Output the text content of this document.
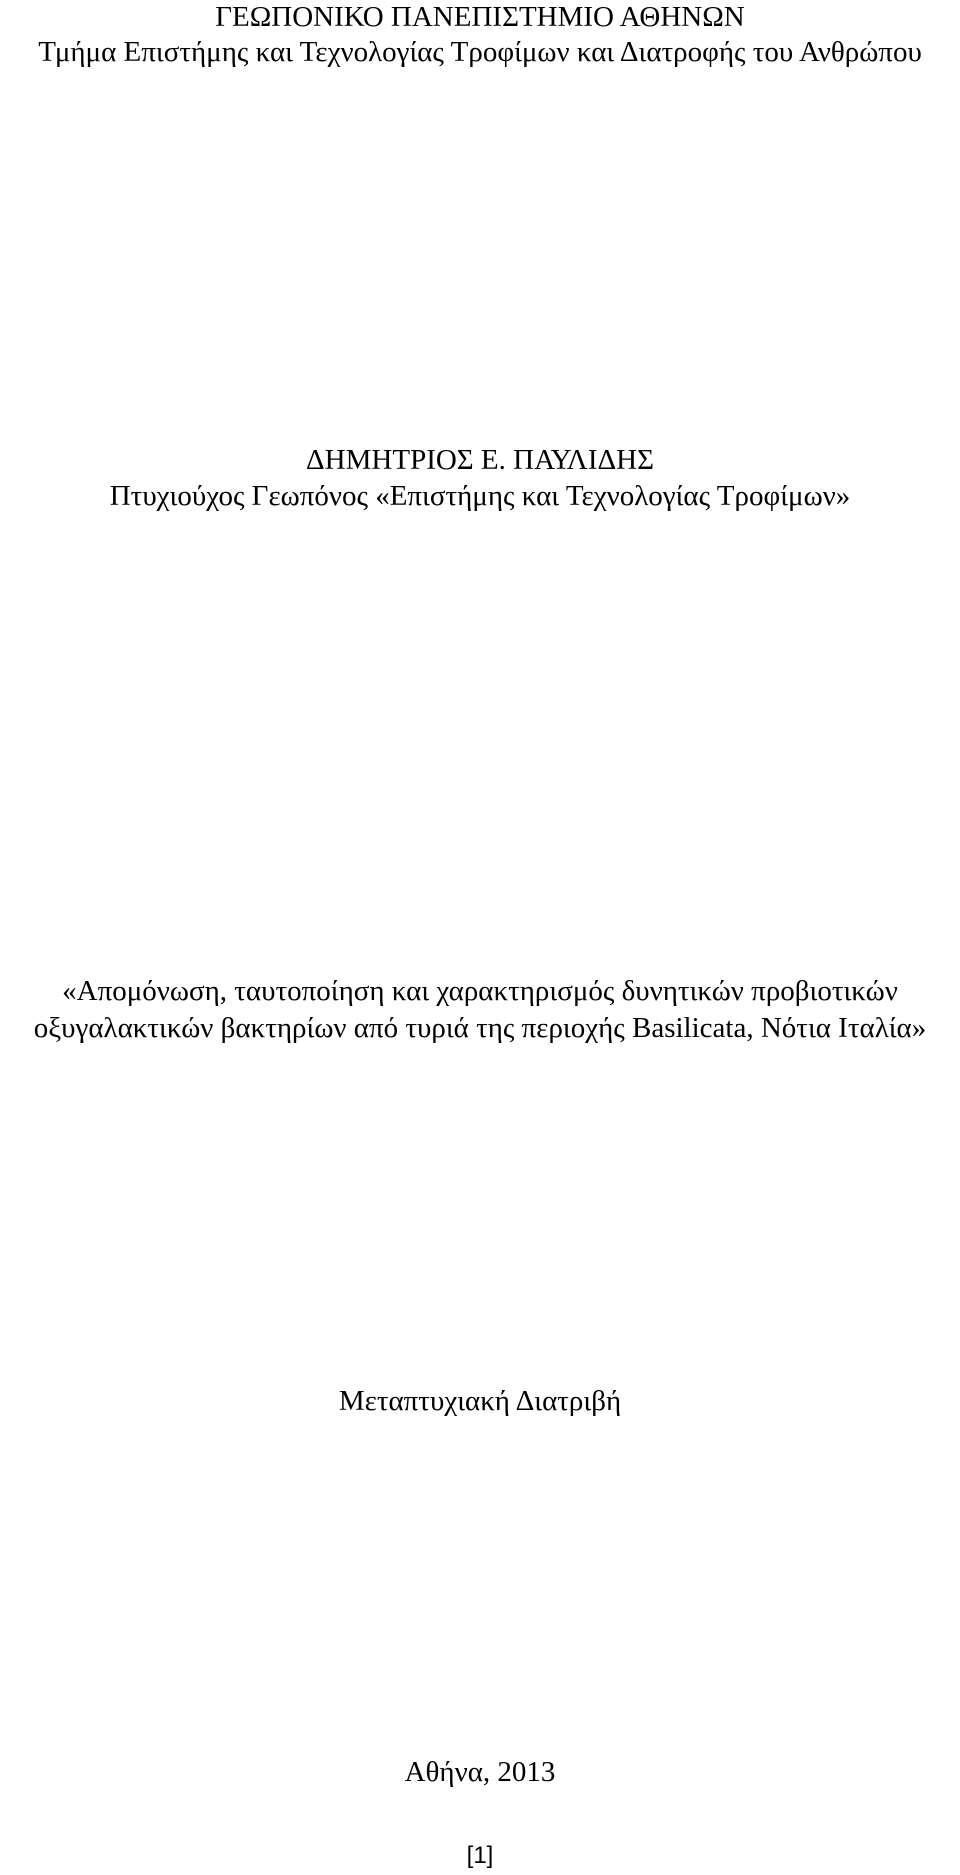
ΓΕΩΠΟΝΙΚΟ ΠΑΝΕΠΙΣΤΗΜΙΟ ΑΘΗΝΩΝ
Τμήμα Επιστήμης και Τεχνολογίας Τροφίμων και Διατροφής του Ανθρώπου
ΔΗΜΗΤΡΙΟΣ Ε. ΠΑΥΛΙΔΗΣ
Πτυχιούχος Γεωπόνος «Επιστήμης και Τεχνολογίας Τροφίμων»
«Απομόνωση, ταυτοποίηση και χαρακτηρισμός δυνητικών προβιοτικών
οξυγαλακτικών βακτηρίων από τυριά της περιοχής Basilicata, Νότια Ιταλία»
Μεταπτυχιακή Διατριβή
Αθήνα, 2013
[1]
